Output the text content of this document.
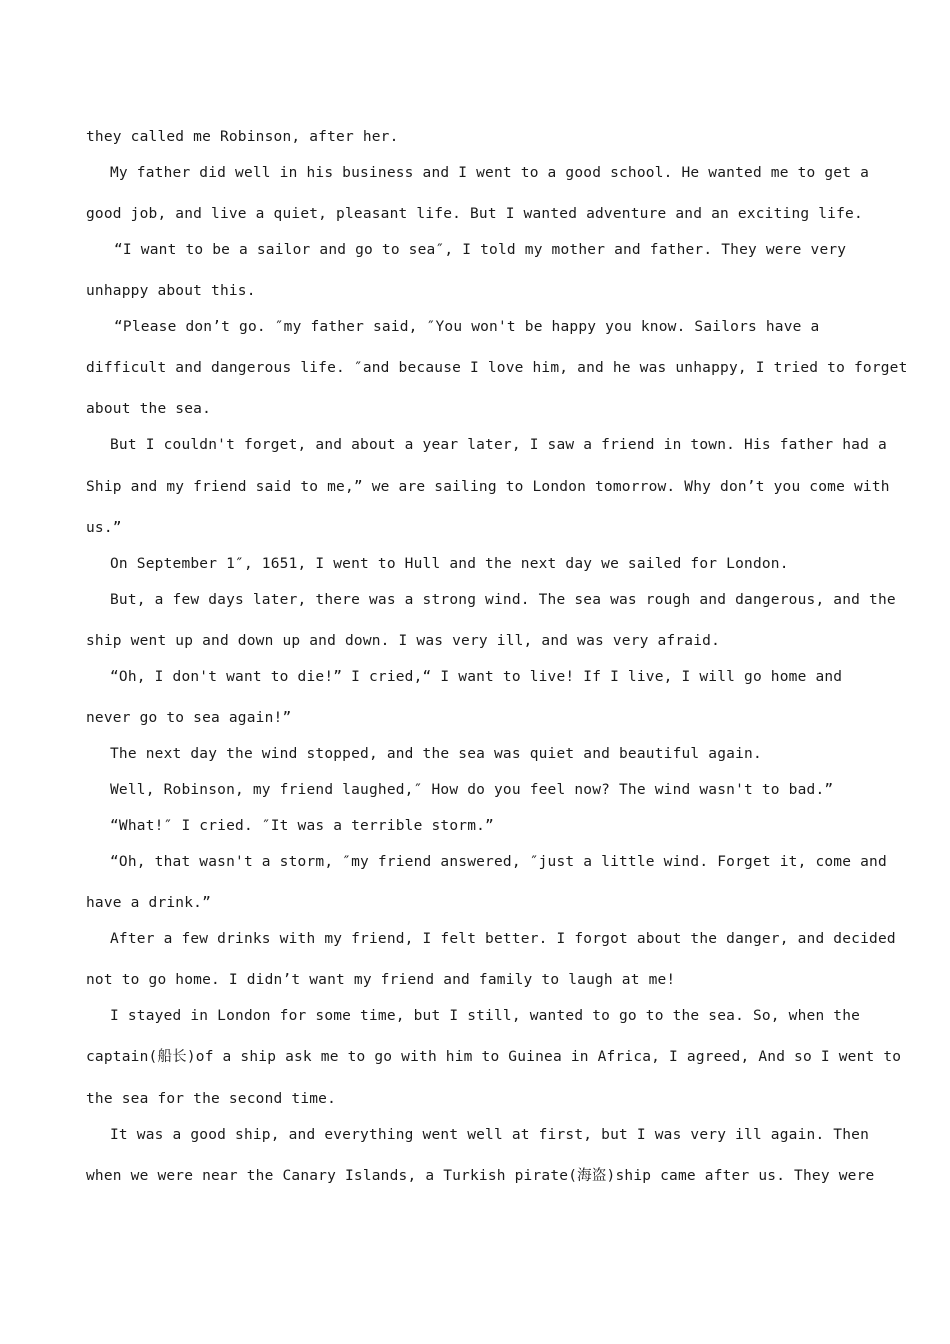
they called me Robinson, after her.
My father did well in his business and I went to a good school. He wanted me to get a
good job, and live a quiet, pleasant life. But I wanted adventure and an exciting life.
“I want to be a sailor and go to sea″, I told my mother and father. They were very
unhappy about this.
“Please don’t go. ″my father said, ″You won't be happy you know. Sailors have a
difficult and dangerous life. ″and because I love him, and he was unhappy, I tried to forget
about the sea.
But I couldn't forget, and about a year later, I saw a friend in town. His father had a
Ship and my friend said to me,” we are sailing to London tomorrow. Why don’t you come with
us.”
On September 1″, 1651, I went to Hull and the next day we sailed for London.
But, a few days later, there was a strong wind. The sea was rough and dangerous, and the
ship went up and down up and down. I was very ill, and was very afraid.
“Oh, I don't want to die!” I cried,“ I want to live! If I live, I will go home and
never go to sea again!”
The next day the wind stopped, and the sea was quiet and beautiful again.
Well, Robinson, my friend laughed,″ How do you feel now? The wind wasn't to bad.”
“What!″ I cried. ″It was a terrible storm.”
“Oh, that wasn't a storm, ″my friend answered, ″just a little wind. Forget it, come and
have a drink.”
After a few drinks with my friend, I felt better. I forgot about the danger, and decided
not to go home. I didn’t want my friend and family to laugh at me!
I stayed in London for some time, but I still, wanted to go to the sea. So, when the
captain(船长)of a ship ask me to go with him to Guinea in Africa, I agreed, And so I went to
the sea for the second time.
It was a good ship, and everything went well at first, but I was very ill again. Then
when we were near the Canary Islands, a Turkish pirate(海盗)ship came after us. They were
